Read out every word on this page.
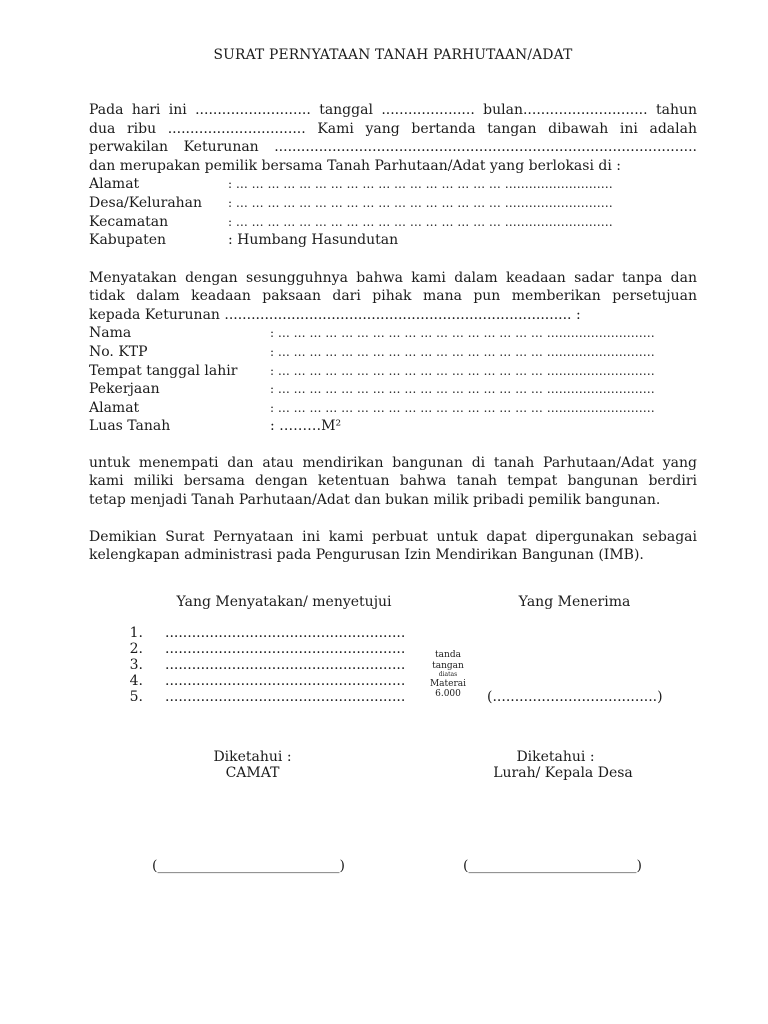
SURAT PERNYATAAN TANAH PARHUTAAN/ADAT
Pada hari ini .......................... tanggal ..................... bulan............................ tahun
dua ribu ............................... Kami yang bertanda tangan dibawah ini adalah
perwakilan Keturunan ...............................................................................................
dan merupakan pemilik bersama Tanah Parhutaan/Adat yang berlokasi di :
Alamat	: … … … … … … … … … … … … … … … … … ………………………
Desa/Kelurahan	: … … … … … … … … … … … … … … … … … ………………………
Kecamatan	: … … … … … … … … … … … … … … … … … ………………………
Kabupaten	: Humbang Hasundutan
Menyatakan dengan sesungguhnya bahwa kami dalam keadaan sadar tanpa dan
tidak dalam keadaan paksaan dari pihak mana pun memberikan persetujuan
kepada Keturunan .............................................................................. :
Nama	: … … … … … … … … … … … … … … … … … ………………………
No. KTP	: … … … … … … … … … … … … … … … … … ………………………
Tempat tanggal lahir	: … … … … … … … … … … … … … … … … … ………………………
Pekerjaan	: … … … … … … … … … … … … … … … … … ………………………
Alamat	: … … … … … … … … … … … … … … … … … ………………………
Luas Tanah	: ………M²
untuk menempati dan atau mendirikan bangunan di tanah Parhutaan/Adat yang
kami miliki bersama dengan ketentuan bahwa tanah tempat bangunan berdiri
tetap menjadi Tanah Parhutaan/Adat dan bukan milik pribadi pemilik bangunan.
Demikian Surat Pernyataan ini kami perbuat untuk dapat dipergunakan sebagai
kelengkapan administrasi pada Pengurusan Izin Mendirikan Bangunan (IMB).
Yang Menyatakan/ menyetujui	Yang Menerima
1. ......................................................
2. ......................................................
3. ......................................................
4. ......................................................
5. ......................................................
tanda
tangan
diatas
Materai
6.000	(.....................................)
Diketahui :
CAMAT
(__________________________)
Diketahui :
Lurah/ Kepala Desa
(________________________)
